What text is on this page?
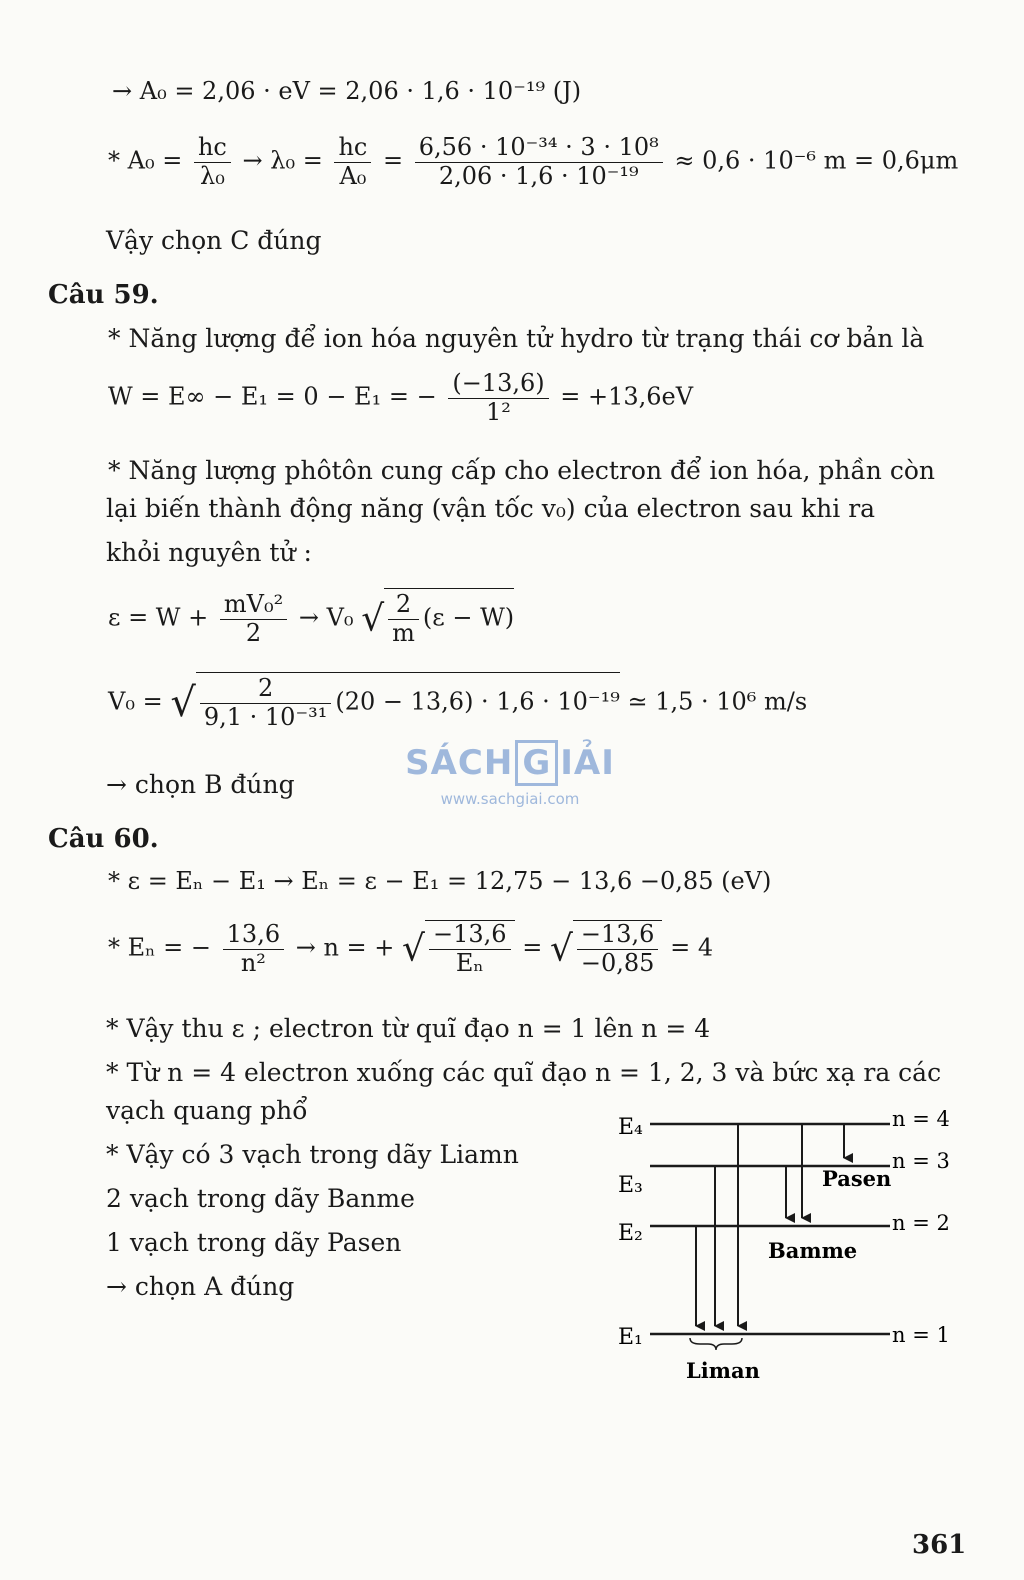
→ A₀ = 2,06 · eV = 2,06 · 1,6 · 10⁻¹⁹ (J)
* $A_0 = \frac{hc}{\text{λ₀}} \to \lambda_0 = \frac{hc}{\text{A₀}} = \frac{\text{6,56 · 10⁻³⁴ · 3 · 10⁸}}{\text{2,06 · 1,6 · 10⁻¹⁹}} \approx 0,6 \cdot 10^{-6}$ m = 0,6μm
Vậy chọn C đúng
Câu 59.
* Năng lượng để ion hóa nguyên tử hydro từ trạng thái cơ bản là
W = E∞ − E₁ = 0 − E₁ = − $\frac{(-13,6)}{\text{1²}} = +13,6eV$
* Năng lượng phôtôn cung cấp cho electron để ion hóa, phần còn
lại biến thành động năng (vận tốc v₀) của electron sau khi ra
khỏi nguyên tử :
$\varepsilon = W + \frac{\text{mV₀²}}{2} \to V_0$ √ $\frac{2}{m} (\varepsilon - W)$
V₀ = √ $\frac{2}{\text{9,1 · 10⁻³¹}} (20 - 13,6) \cdot 1,6 \cdot 10^{-19}$ ≃ 1,5 · 10⁶ m/s
→ chọn B đúng
SÁCH G IẢI
www.sachgiai.com
Câu 60.
* ε = Eₙ − E₁ → Eₙ = ε − E₁ = 12,75 − 13,6 −0,85 (eV)
* Eₙ = − $\frac{13,6}{\text{n²}} \to n$ = + √ $\frac{-13,6}{\text{Eₙ}}$ = √ $\frac{-13,6}{-0,85} = 4$
* Vậy thu ε ; electron từ quĩ đạo n = 1 lên n = 4
* Từ n = 4 electron xuống các quĩ đạo n = 1, 2, 3 và bức xạ ra các
vạch quang phổ
* Vậy có 3 vạch trong dãy Liamn
2 vạch trong dãy Banme
1 vạch trong dãy Pasen
→ chọn A đúng
E₄
E₃
E₂
E₁
n = 4
n = 3
n = 2
n = 1
Pasen
Bamme
Liman
361
